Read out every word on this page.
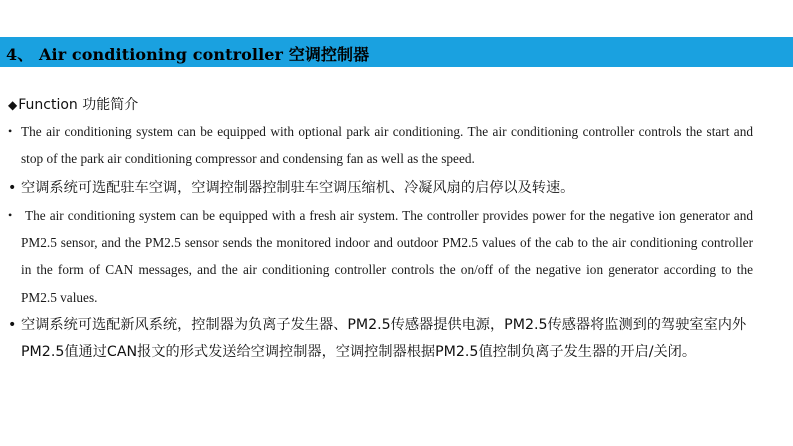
4、 Air conditioning controller 空调控制器
◆Function 功能简介
• The air conditioning system can be equipped with optional park air conditioning. The air conditioning controller controls the start and stop of the park air conditioning compressor and condensing fan as well as the speed.
• 空调系统可选配驻车空调，空调控制器控制驻车空调压缩机、冷凝风扇的启停以及转速。
• The air conditioning system can be equipped with a fresh air system. The controller provides power for the negative ion generator and PM2.5 sensor, and the PM2.5 sensor sends the monitored indoor and outdoor PM2.5 values of the cab to the air conditioning controller in the form of CAN messages, and the air conditioning controller controls the on/off of the negative ion generator according to the PM2.5 values.
• 空调系统可选配新风系统，控制器为负离子发生器、PM2.5传感器提供电源，PM2.5传感器将监测到的驾驶室室内外PM2.5值通过CAN报文的形式发送给空调控制器，空调控制器根据PM2.5值控制负离子发生器的开启/关闭。
